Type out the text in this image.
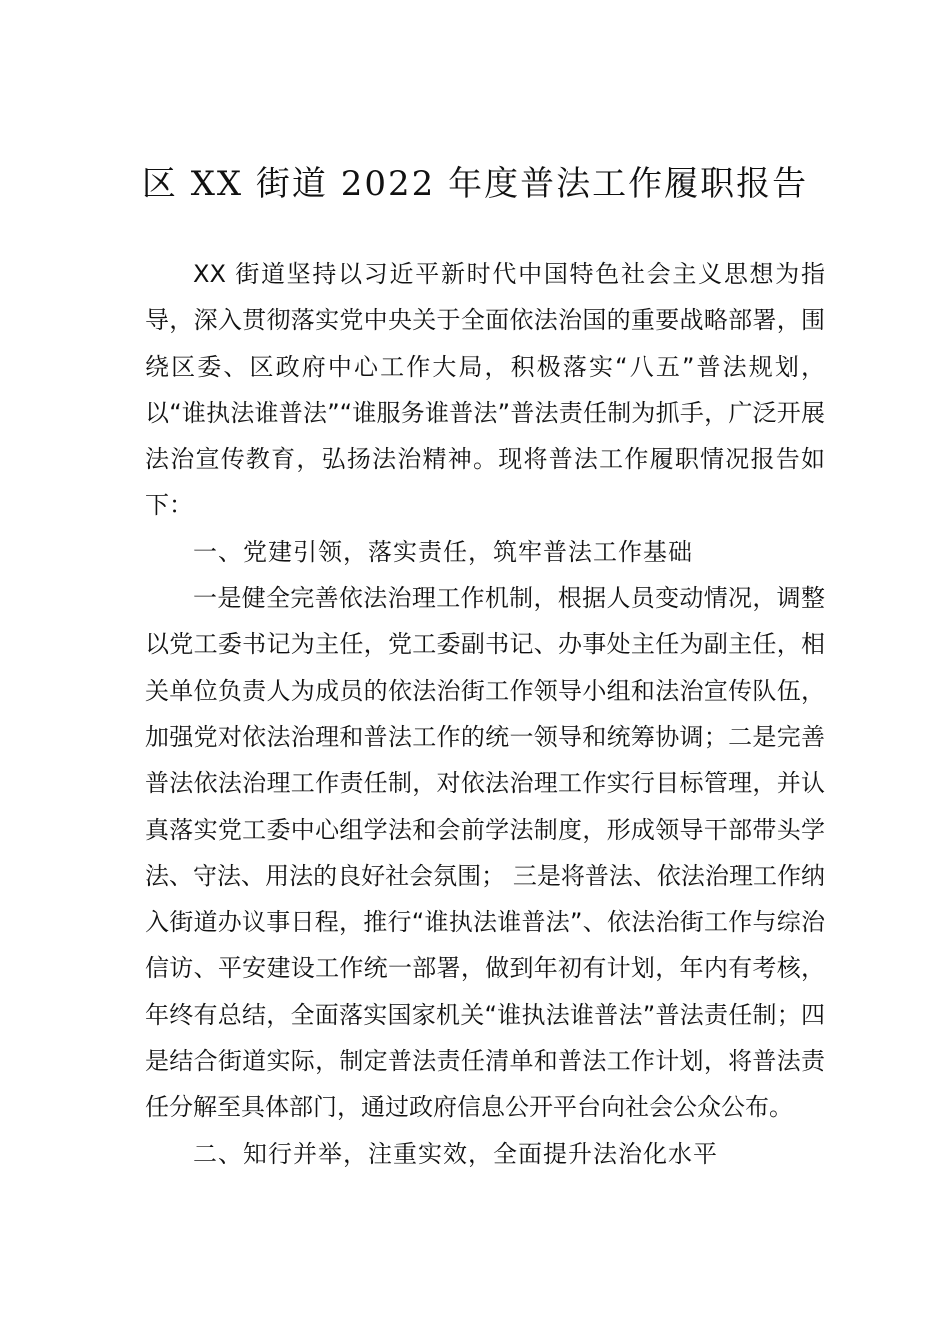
区 XX 街道 2022 年度普法工作履职报告

XX 街道坚持以习近平新时代中国特色社会主义思想为指导，深入贯彻落实党中央关于全面依法治国的重要战略部署，围绕区委、区政府中心工作大局，积极落实“八五”普法规划，以“谁执法谁普法”“谁服务谁普法”普法责任制为抓手，广泛开展法治宣传教育，弘扬法治精神。现将普法工作履职情况报告如下：

一、党建引领，落实责任，筑牢普法工作基础

一是健全完善依法治理工作机制，根据人员变动情况，调整以党工委书记为主任，党工委副书记、办事处主任为副主任，相关单位负责人为成员的依法治街工作领导小组和法治宣传队伍，加强党对依法治理和普法工作的统一领导和统筹协调；二是完善普法依法治理工作责任制，对依法治理工作实行目标管理，并认真落实党工委中心组学法和会前学法制度，形成领导干部带头学法、守法、用法的良好社会氛围； 三是将普法、依法治理工作纳入街道办议事日程，推行“谁执法谁普法”、依法治街工作与综治信访、平安建设工作统一部署，做到年初有计划，年内有考核，年终有总结，全面落实国家机关“谁执法谁普法”普法责任制；四是结合街道实际，制定普法责任清单和普法工作计划，将普法责任分解至具体部门，通过政府信息公开平台向社会公众公布。

二、知行并举，注重实效，全面提升法治化水平
